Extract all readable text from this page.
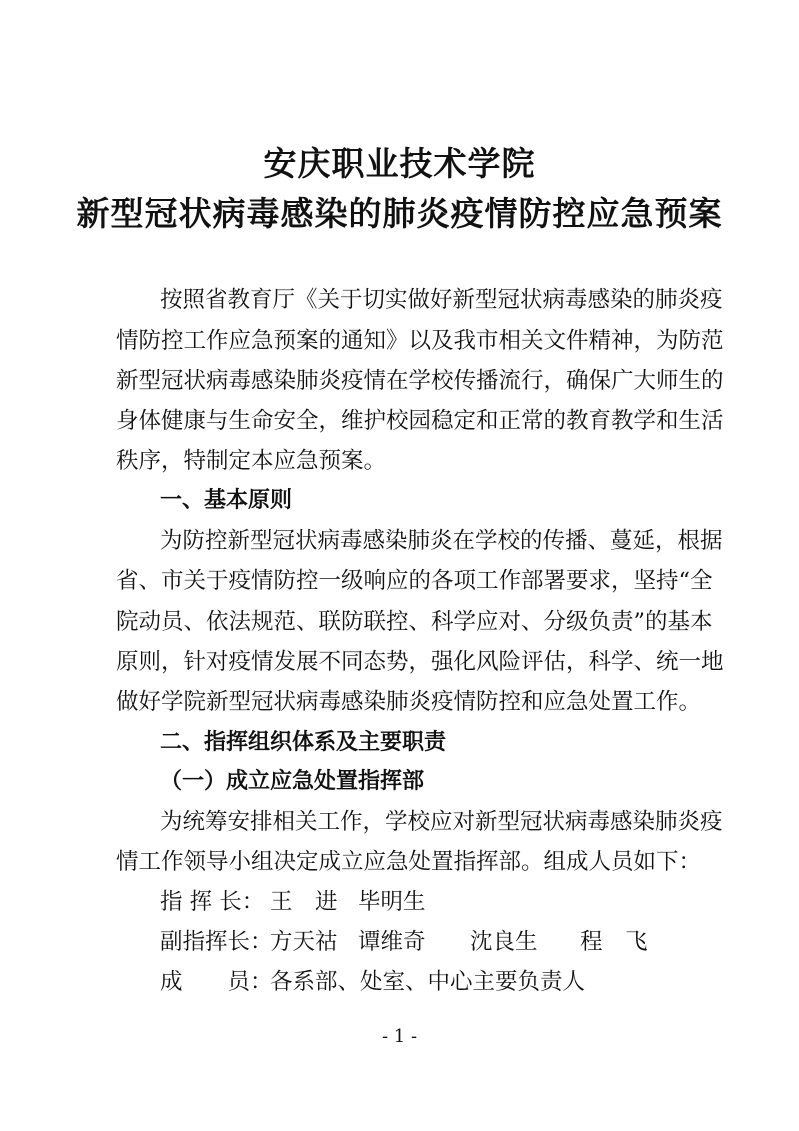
安庆职业技术学院
新型冠状病毒感染的肺炎疫情防控应急预案
按照省教育厅《关于切实做好新型冠状病毒感染的肺炎疫
情防控工作应急预案的通知》以及我市相关文件精神，为防范
新型冠状病毒感染肺炎疫情在学校传播流行，确保广大师生的
身体健康与生命安全，维护校园稳定和正常的教育教学和生活
秩序，特制定本应急预案。
一、基本原则
为防控新型冠状病毒感染肺炎在学校的传播、蔓延，根据
省、市关于疫情防控一级响应的各项工作部署要求，坚持“全
院动员、依法规范、联防联控、科学应对、分级负责”的基本
原则，针对疫情发展不同态势，强化风险评估，科学、统一地
做好学院新型冠状病毒感染肺炎疫情防控和应急处置工作。
二、指挥组织体系及主要职责
（一）成立应急处置指挥部
为统筹安排相关工作，学校应对新型冠状病毒感染肺炎疫
情工作领导小组决定成立应急处置指挥部。组成人员如下：
指 挥 长： 王　进 毕明生
副指挥长：
方天祜 谭维奇 沈良生 程　飞
成　　员：
各系部、处室、中心主要负责人
- 1 -
